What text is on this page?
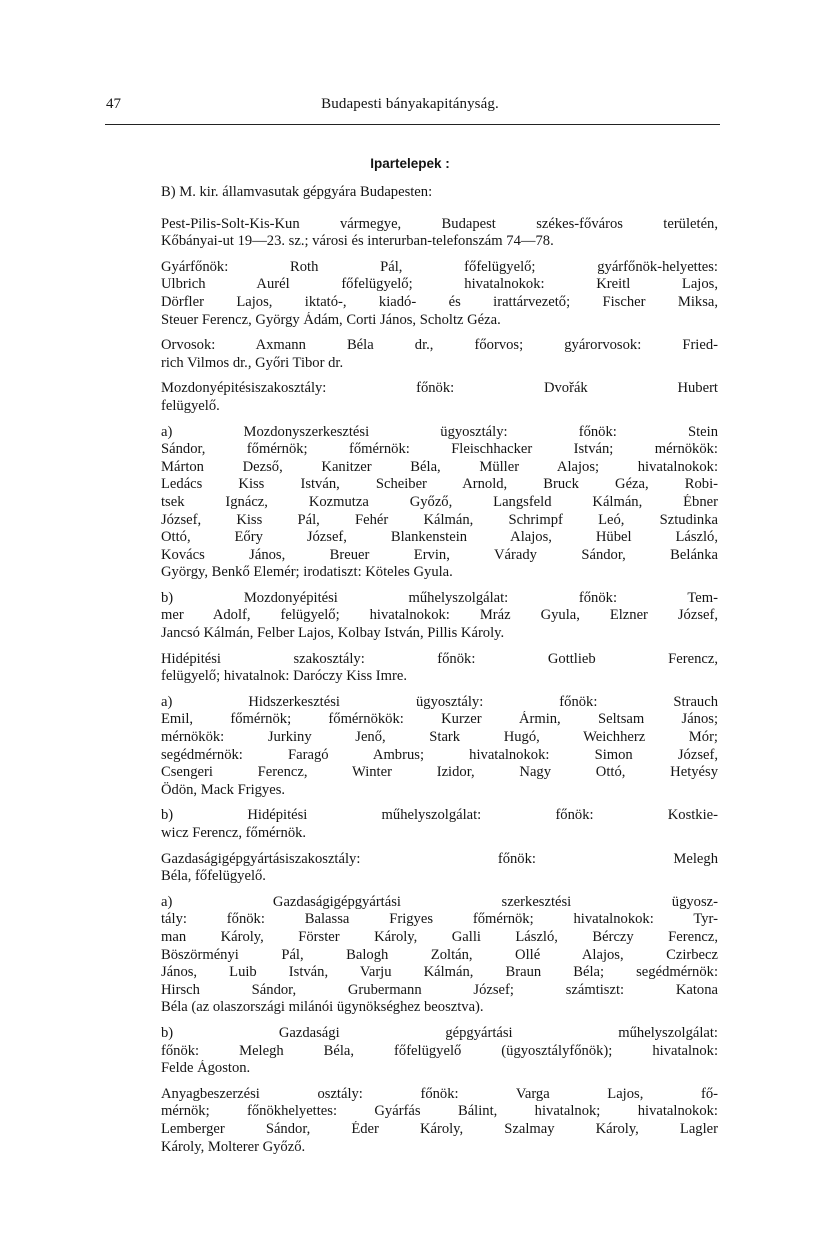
47	Budapesti bányakapitányság.
Ipartelepek :
B) M. kir. államvasutak gépgyára Budapesten:
Pest-Pilis-Solt-Kis-Kun vármegye, Budapest székes-főváros területén,
Kőbányai-ut 19—23. sz.; városi és interurban-telefonszám 74—78.
Gyárfőnök: Roth Pál, főfelügyelő; gyárfőnök-helyettes:
Ulbrich Aurél főfelügyelő; hivatalnokok: Kreitl Lajos,
Dörfler Lajos, iktató-, kiadó- és irattárvezető; Fischer Miksa,
Steuer Ferencz, György Ádám, Corti János, Scholtz Géza.
Orvosok: Axmann Béla dr., főorvos; gyárorvosok: Fried-
rich Vilmos dr., Győri Tibor dr.
Mozdonyépitésiszakosztály: főnök: Dvořák Hubert
felügyelő.
a) Mozdonyszerkesztési ügyosztály: főnök: Stein
Sándor, főmérnök; főmérnök: Fleischhacker István; mérnökök:
Márton Dezső, Kanitzer Béla, Müller Alajos; hivatalnokok:
Ledács Kiss István, Scheiber Arnold, Bruck Géza, Robi-
tsek Ignácz, Kozmutza Győző, Langsfeld Kálmán, Ébner
József, Kiss Pál, Fehér Kálmán, Schrimpf Leó, Sztudinka
Ottó, Eőry József, Blankenstein Alajos, Hübel László,
Kovács János, Breuer Ervin, Várady Sándor, Belánka
György, Benkő Elemér; irodatiszt: Köteles Gyula.
b) Mozdonyépitési műhelyszolgálat: főnök: Tem-
mer Adolf, felügyelő; hivatalnokok: Mráz Gyula, Elzner József,
Jancsó Kálmán, Felber Lajos, Kolbay István, Pillis Károly.
Hidépitési szakosztály: főnök: Gottlieb Ferencz,
felügyelő; hivatalnok: Daróczy Kiss Imre.
a) Hidszerkesztési ügyosztály: főnök: Strauch
Emil, főmérnök; főmérnökök: Kurzer Ármin, Seltsam János;
mérnökök: Jurkiny Jenő, Stark Hugó, Weichherz Mór;
segédmérnök: Faragó Ambrus; hivatalnokok: Simon József,
Csengeri Ferencz, Winter Izidor, Nagy Ottó, Hetyésy
Ödön, Mack Frigyes.
b) Hidépitési műhelyszolgálat: főnök: Kostkie-
wicz Ferencz, főmérnök.
Gazdaságigépgyártásiszakosztály: főnök: Melegh
Béla, főfelügyelő.
a) Gazdaságigépgyártási szerkesztési ügyosz-
tály: főnök: Balassa Frigyes főmérnök; hivatalnokok: Tyr-
man Károly, Förster Károly, Galli László, Bérczy Ferencz,
Böszörményi Pál, Balogh Zoltán, Ollé Alajos, Czirbecz
János, Luib István, Varju Kálmán, Braun Béla; segédmérnök:
Hirsch Sándor, Grubermann József; számtiszt: Katona
Béla (az olaszországi milánói ügynökséghez beosztva).
b) Gazdasági gépgyártási műhelyszolgálat:
főnök: Melegh Béla, főfelügyelő (ügyosztályfőnök); hivatalnok:
Felde Ágoston.
Anyagbeszerzési osztály: főnök: Varga Lajos, fő-
mérnök; főnökhelyettes: Gyárfás Bálint, hivatalnok; hivatalnokok:
Lemberger Sándor, Éder Károly, Szalmay Károly, Lagler
Károly, Molterer Győző.
